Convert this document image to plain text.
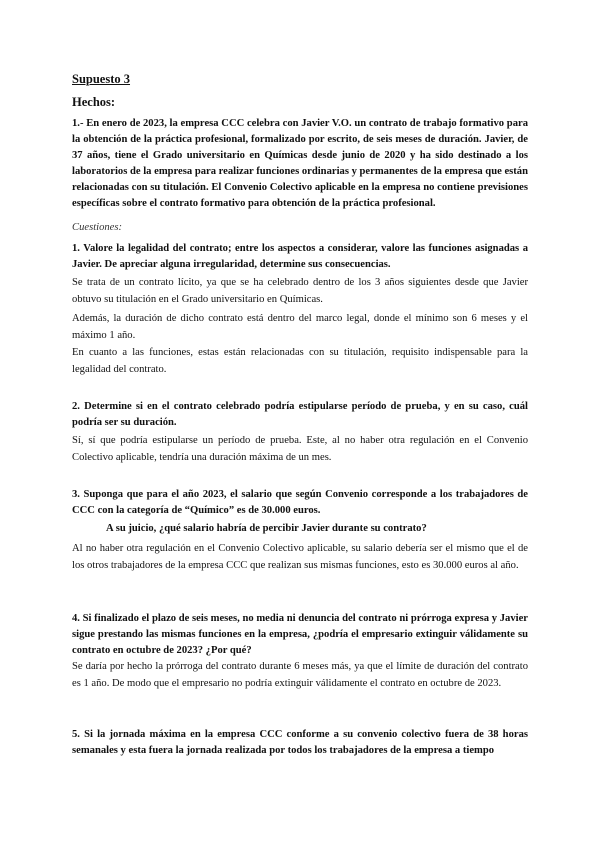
Supuesto 3

Hechos:

1.- En enero de 2023, la empresa CCC celebra con Javier V.O. un contrato de trabajo formativo para la obtención de la práctica profesional, formalizado por escrito, de seis meses de duración. Javier, de 37 años, tiene el Grado universitario en Químicas desde junio de 2020 y ha sido destinado a los laboratorios de la empresa para realizar funciones ordinarias y permanentes de la empresa que están relacionadas con su titulación. El Convenio Colectivo aplicable en la empresa no contiene previsiones específicas sobre el contrato formativo para obtención de la práctica profesional.

Cuestiones:

1. Valore la legalidad del contrato; entre los aspectos a considerar, valore las funciones asignadas a Javier. De apreciar alguna irregularidad, determine sus consecuencias.

Se trata de un contrato lícito, ya que se ha celebrado dentro de los 3 años siguientes desde que Javier obtuvo su titulación en el Grado universitario en Químicas.

Además, la duración de dicho contrato está dentro del marco legal, donde el mínimo son 6 meses y el máximo 1 año.

En cuanto a las funciones, estas están relacionadas con su titulación, requisito indispensable para la legalidad del contrato.

2. Determine si en el contrato celebrado podría estipularse período de prueba, y en su caso, cuál podría ser su duración.

Sí, sí que podría estipularse un período de prueba. Este, al no haber otra regulación en el Convenio Colectivo aplicable, tendría una duración máxima de un mes.

3. Suponga que para el año 2023, el salario que según Convenio corresponde a los trabajadores de CCC con la categoría de “Químico” es de 30.000 euros.

A su juicio, ¿qué salario habría de percibir Javier durante su contrato?

Al no haber otra regulación en el Convenio Colectivo aplicable, su salario debería ser el mismo que el de los otros trabajadores de la empresa CCC que realizan sus mismas funciones, esto es 30.000 euros al año.

4. Si finalizado el plazo de seis meses, no media ni denuncia del contrato ni prórroga expresa y Javier sigue prestando las mismas funciones en la empresa, ¿podría el empresario extinguir válidamente su contrato en octubre de 2023? ¿Por qué?

Se daría por hecho la prórroga del contrato durante 6 meses más, ya que el límite de duración del contrato es 1 año. De modo que el empresario no podría extinguir válidamente el contrato en octubre de 2023.

5. Si la jornada máxima en la empresa CCC conforme a su convenio colectivo fuera de 38 horas semanales y esta fuera la jornada realizada por todos los trabajadores de la empresa a tiempo
